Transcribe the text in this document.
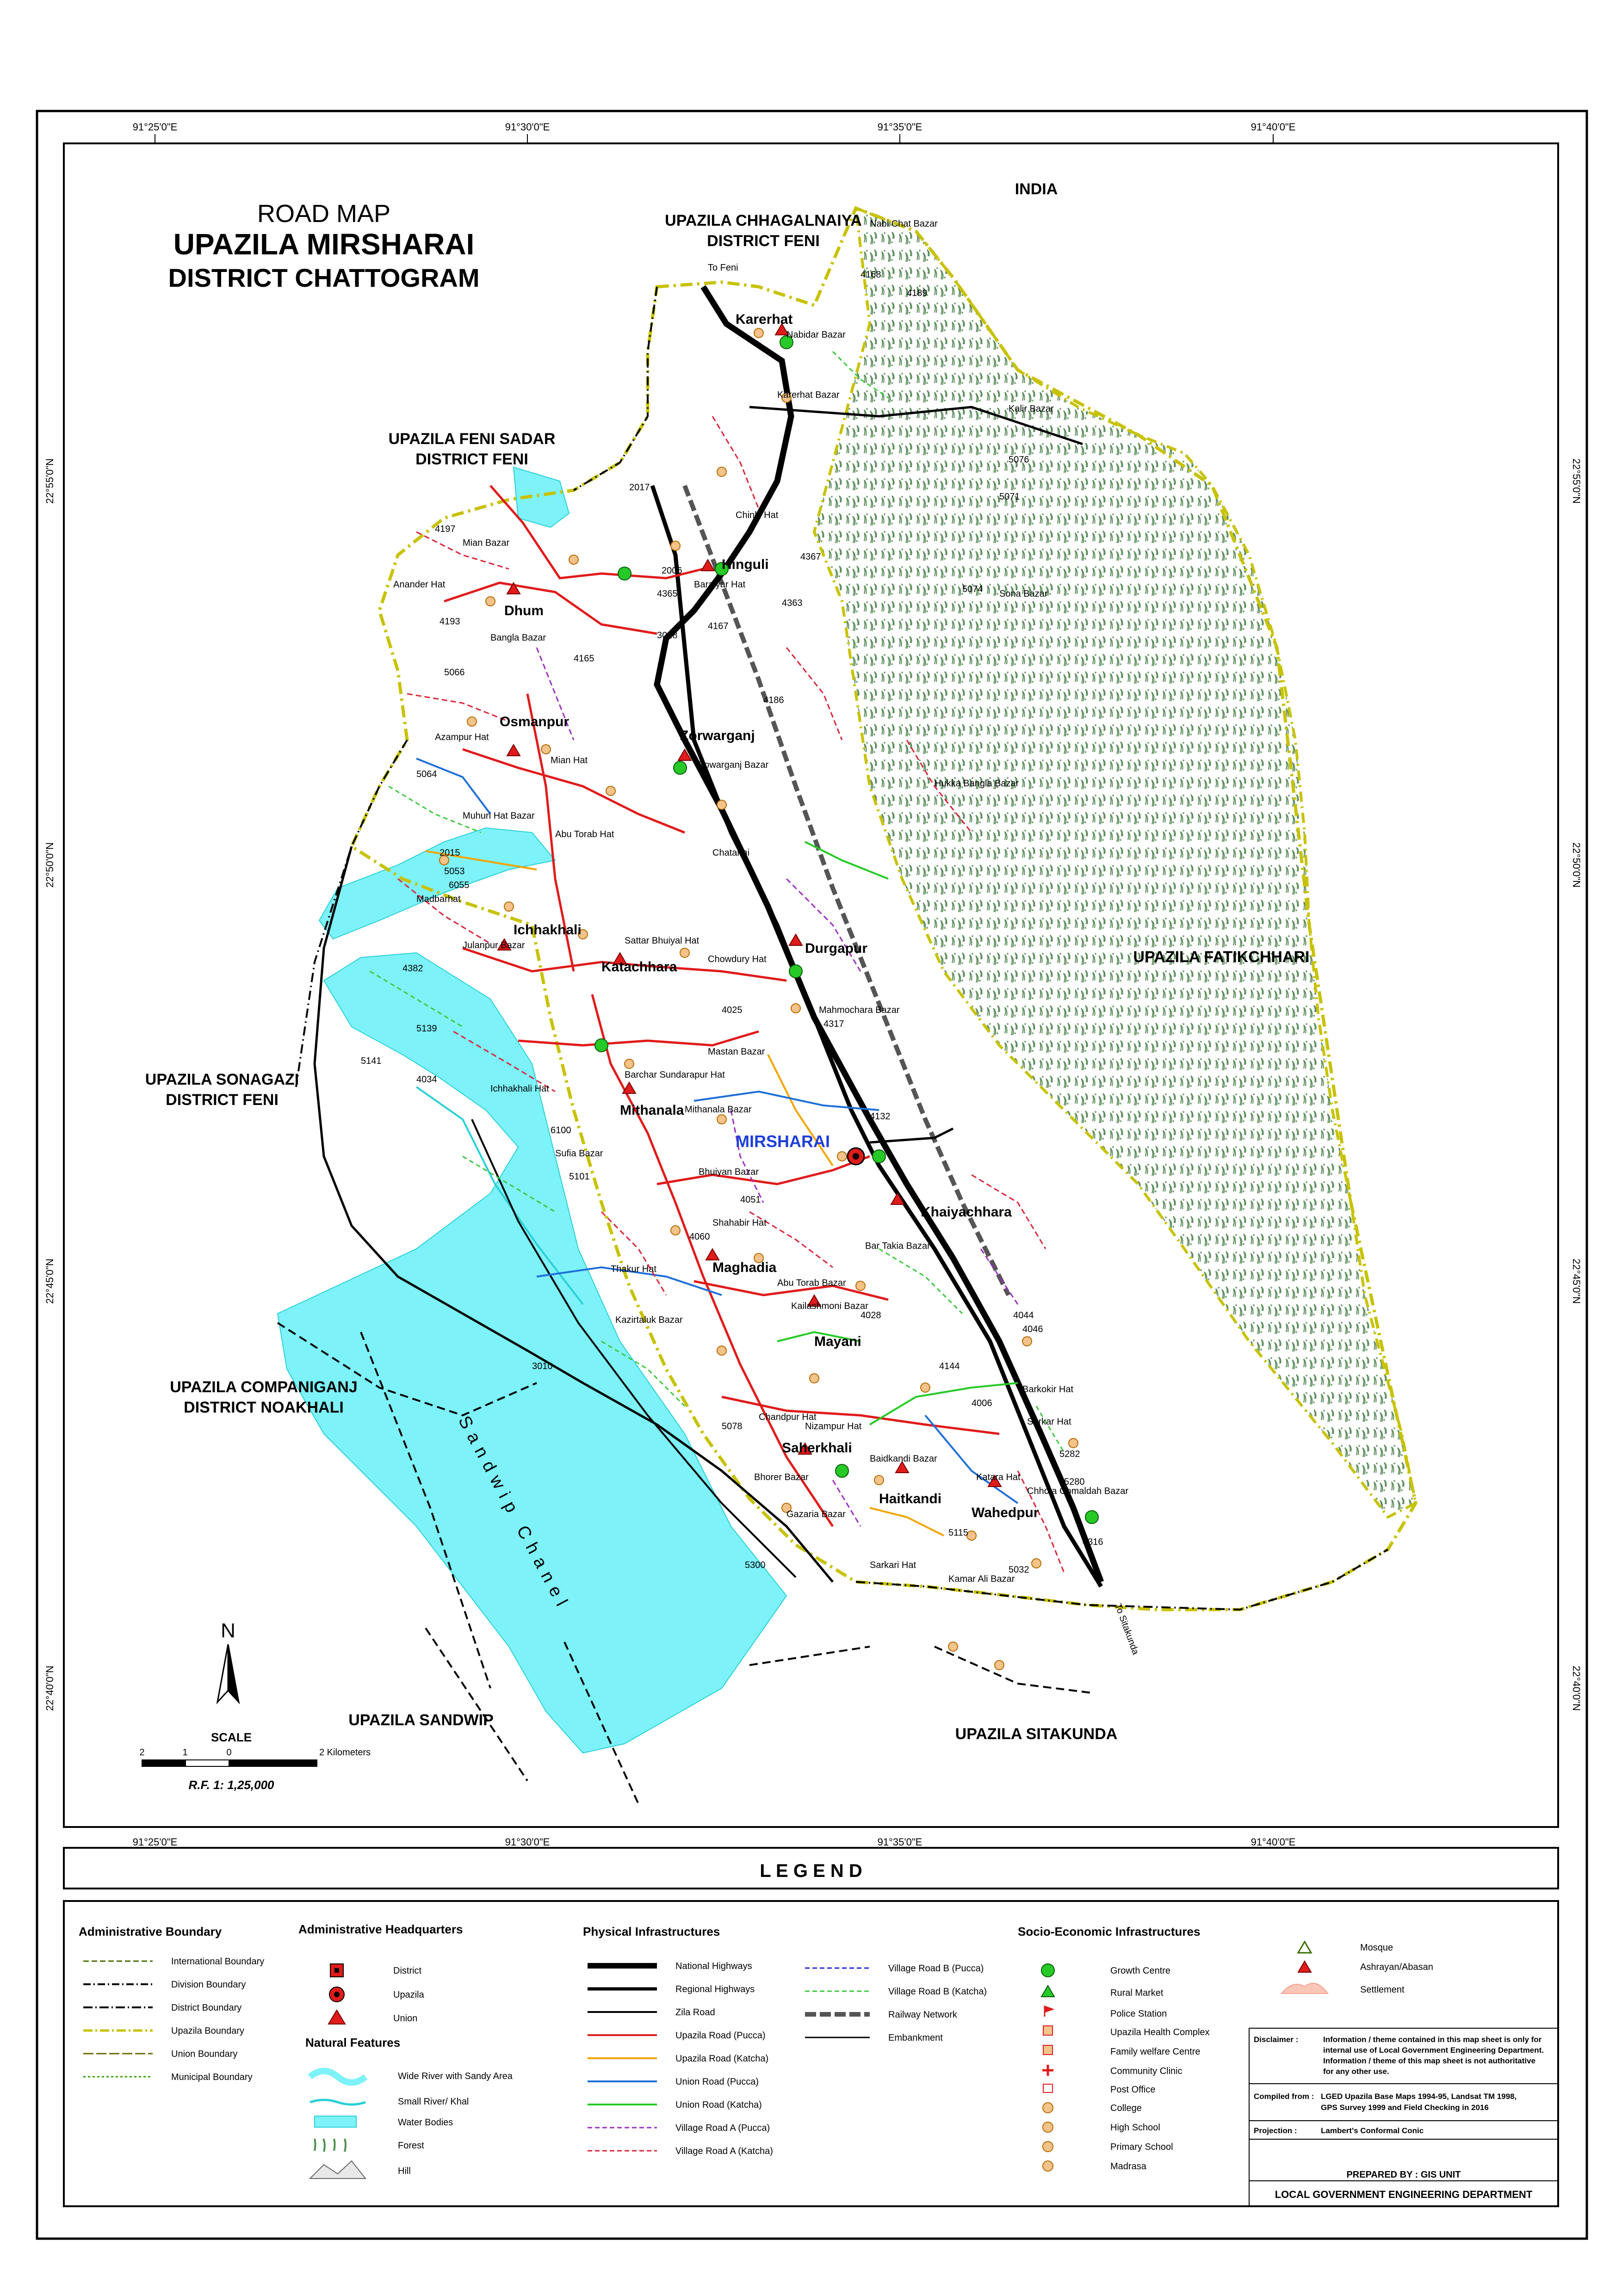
91°25'0"E	91°30'0"E	91°35'0"E	91°40'0"E
91°25'0"E	91°30'0"E	91°35'0"E	91°40'0"E
22°55'0"N
22°50'0"N
22°45'0"N
22°40'0"N
22°55'0"N
22°50'0"N
22°45'0"N
22°40'0"N
MIRSHARAI
Karerhat
Hinguli
Dhum
Osmanpur
Zorwarganj
Ichhakhali
Katachhara
Durgapur
Mithanala
Khaiyachhara
Maghadia
Mayani
Saherkhali
Haitkandi
Wahedpur
Nabi Chat Bazar
Nabidar Bazar
Karerhat Bazar
Kalir Bazar
Chinki Hat
Baraiyar Hat
Sona Bazar
Anander Hat
Mian Bazar
Bangla Bazar
Azampur Hat
Mian Hat	Zowarganj Bazar
Hukka Bangla Bazar
Muhuri Hat Bazar
Abu Torab Hat
Chatanni
Madbarhat
Julanpur Bazar	Sattar Bhuiyal Hat
Chowdury Hat
Mahmochara Bazar
Barchar Sundarapur Hat
Ichhakhali Hat
Mithanala Bazar
Mastan Bazar
Sufia Bazar
Bhuiyan Bazar
Shahabir Hat
Thakur Hat
Bar Takia Bazar
Abu Torab Bazar
Kailashmoni Bazar
Kazirtaluk Bazar
Chandpur Hat
Nizampur Hat
Baidkandi Bazar
Bhorer Bazar
Gazaria Bazar
Barkokir Hat
Sarkar Hat
Katara Hat
Chhota Comaldah Bazar
Sarkari Hat
Kamar Ali Bazar
2017
2006
4197
4365
4367
4363
4186
3018
4167
4165
5066
5064
4193
2015
5053
6055
5139
5141
4382
4034
6100
5101
4025
4317
4132
4051
4060
4028
5078
4144
4006
5282
5280
5115
3010
5300	5032
5074
5076
5071
4189
4168
4316
4044
4046
ROAD MAP
UPAZILA MIRSHARAI
DISTRICT CHATTOGRAM
INDIA
UPAZILA CHHAGALNAIYA
DISTRICT FENI
UPAZILA FENI SADAR
DISTRICT FENI
UPAZILA SONAGAZI
DISTRICT FENI
UPAZILA COMPANIGANJ
DISTRICT NOAKHALI
UPAZILA SANDWIP
UPAZILA SITAKUNDA
UPAZILA FATIKCHHARI
Sandwip Chanel
To Feni
To Sitakunda
N
SCALE
2	1	0	2 Kilometers
R.F. 1: 1,25,000
L E G E N D
Administrative Boundary
International Boundary
Division Boundary
District Boundary
Upazila Boundary
Union Boundary
Municipal Boundary
Administrative Headquarters
District
Upazila
Union
Natural Features
Wide River with Sandy Area
Small River/ Khal
Water Bodies
Forest
Hill
Physical Infrastructures
National Highways
Regional Highways
Zila Road
Upazila Road (Pucca)
Upazila Road (Katcha)
Union Road (Pucca)
Union Road (Katcha)
Village Road A (Pucca)
Village Road A (Katcha)
Village Road B (Pucca)
Village Road B (Katcha)
Railway Network
Embankment
Socio-Economic Infrastructures
Growth Centre
Rural Market
Police Station
Upazila Health Complex
Family welfare Centre
Community Clinic
Post Office
College
High School
Primary School
Madrasa
Mosque
Ashrayan/Abasan
Settlement
Disclaimer :	Information / theme contained in this map sheet is only for
internal use of Local Government Engineering Department.
Information / theme of this map sheet is not authoritative
for any other use.
Compiled from : LGED Upazila Base Maps 1994-95, Landsat TM 1998,
GPS Survey 1999 and Field Checking in 2016
Projection :	Lambert's Conformal Conic
PREPARED BY : GIS UNIT
LOCAL GOVERNMENT ENGINEERING DEPARTMENT
